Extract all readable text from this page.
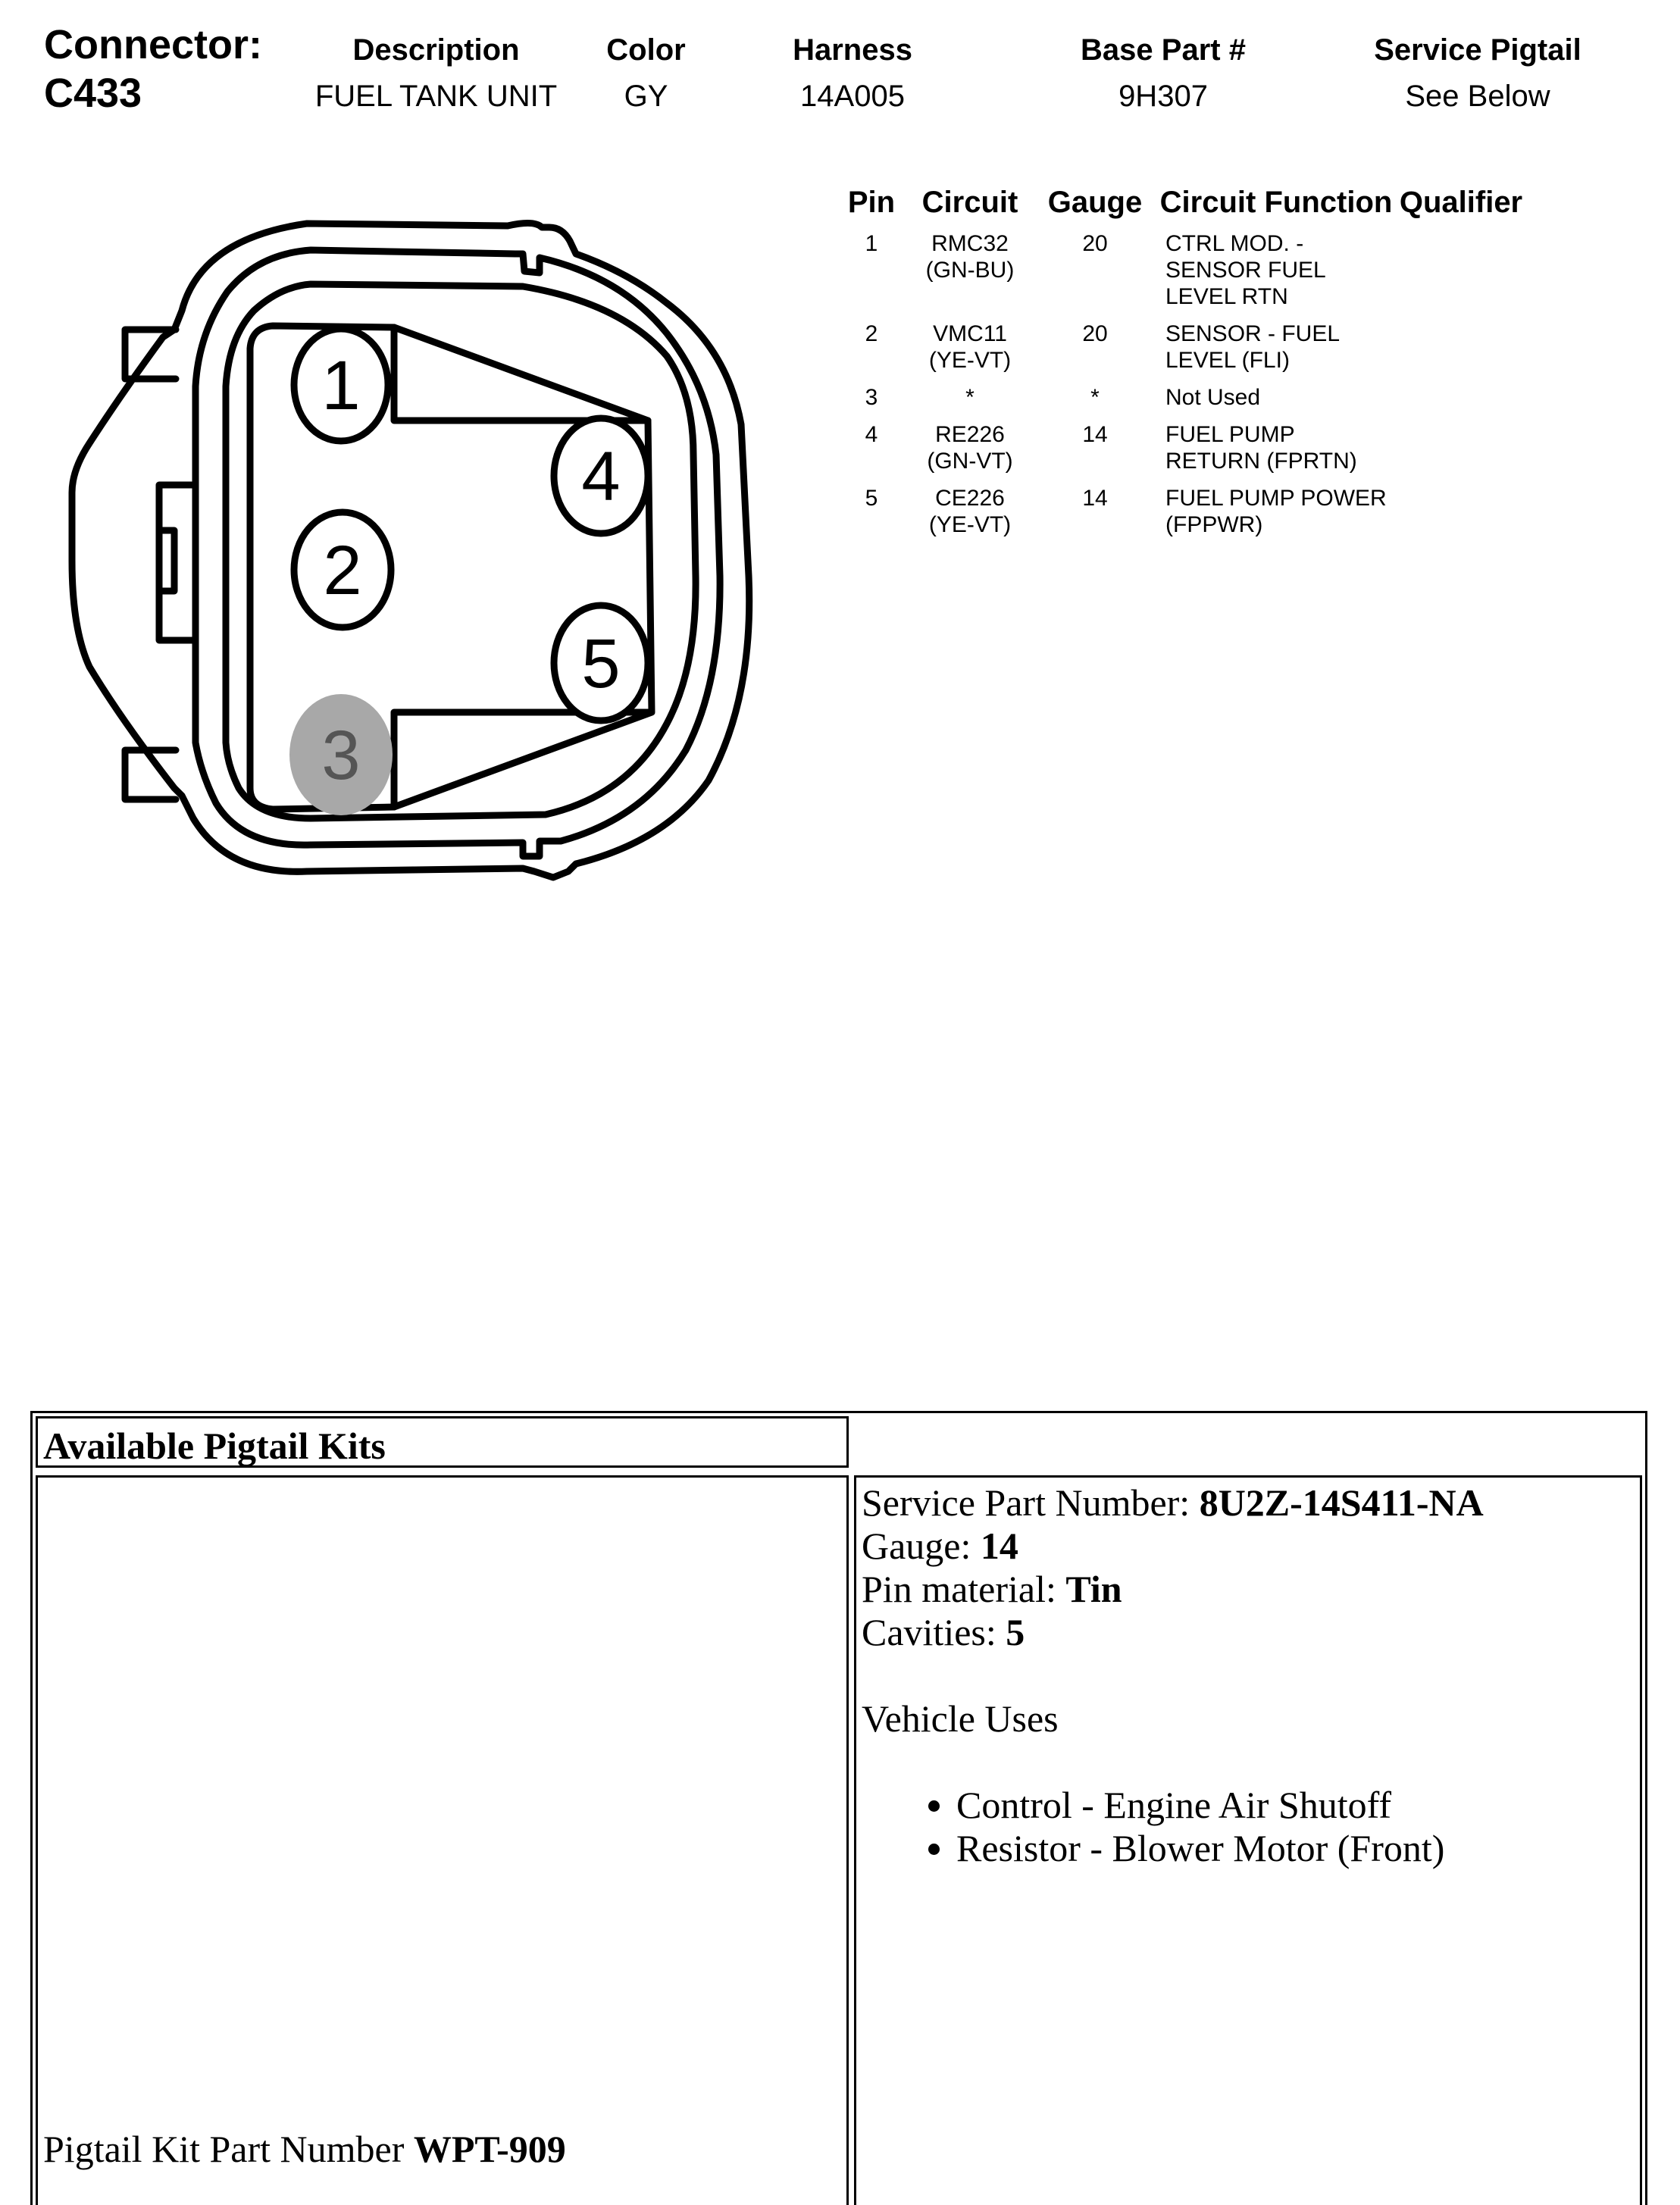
Connector:
C433
Description	Color	Harness	Base Part #	Service Pigtail
FUEL TANK UNIT	GY	14A005	9H307	See Below
1
2
3
4
5
Pin	Circuit	Gauge	Circuit Function	Qualifier
1	RMC32 (GN-BU)	20	CTRL MOD. - SENSOR FUEL LEVEL RTN	
2	VMC11 (YE-VT)	20	SENSOR - FUEL LEVEL (FLI)	
3	*	*	Not Used	
4	RE226 (GN-VT)	14	FUEL PUMP RETURN (FPRTN)	
5	CE226 (YE-VT)	14	FUEL PUMP POWER (FPPWR)	
Available Pigtail Kits
Pigtail Kit Part Number WPT-909
Service Part Number: 8U2Z-14S411-NA
Gauge: 14
Pin material: Tin
Cavities: 5
Vehicle Uses
• Control - Engine Air Shutoff
• Resistor - Blower Motor (Front)
